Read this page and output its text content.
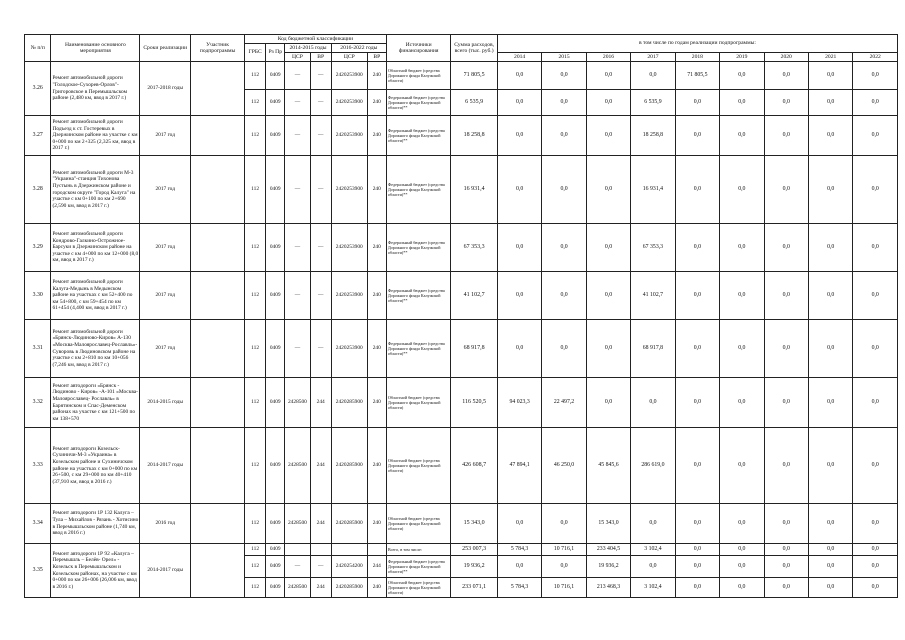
№ п/п	Наименование основного мероприятия	Сроки реализации	Участник подпрограммы	Код бюджетной классификации						Источники финансирования	Сумма расходов, всего (тыс. руб.)	в том числе по годам реализации подпрограммы:								
				ГРБС	Рз Пр	2014-2015 годы		2016-2022 годы												
						ЦСР	ВР	ЦСР	ВР			2014	2015	2016	2017	2018	2019	2020	2021	2022
3.26	Ремонт автомобильной дороги "Голодское-Сухорев-Орлов"-Григоровское в Перемышльском районе (2,480 км, ввод в 2017 г.)	2017-2018 годы		112	0409	—	—	2420253900	240	Областной бюджет (средства Дорожного фонда Калужской области)	71 805,5	0,0	0,0	0,0	0,0	71 805,5	0,0	0,0	0,0	0,0
				112	0409	—	—	2420253900	240	Федеральный бюджет (средства Дорожного фонда Калужской области)**	6 535,9	0,0	0,0	0,0	6 535,9	0,0	0,0	0,0	0,0	0,0
3.27	Ремонт автомобильной дороги Подъезд к ст. Гостеревых в Дзержинском районе на участке с км 0+000 по км 2+325 (2,325 км, ввод в 2017 г.)	2017 год		112	0409	—	—	2420253900	240	Федеральный бюджет (средства Дорожного фонда Калужской области)**	18 258,8	0,0	0,0	0,0	18 258,8	0,0	0,0	0,0	0,0	0,0
3.28	Ремонт автомобильной дороги М-3 "Украина"-станция Тихонова Пустынь в Дзержинском районе и городском округе "Город Калуга" на участке с км 0+100 по км 2+690 (2,590 км, ввод в 2017 г.)	2017 год		112	0409	—	—	2420253900	240	Федеральный бюджет (средства Дорожного фонда Калужской области)**	16 931,4	0,0	0,0	0,0	16 931,4	0,0	0,0	0,0	0,0	0,0
3.29	Ремонт автомобильной дороги Кондрово-Галкино-Острожное-Барсуки в Дзержинском районе на участке с км 4+000 по км 12+000 (8,0 км, ввод в 2017 г.)	2017 год		112	0409	—	—	2420253900	240	Федеральный бюджет (средства Дорожного фонда Калужской области)**	67 353,3	0,0	0,0	0,0	67 353,3	0,0	0,0	0,0	0,0	0,0
3.30	Ремонт автомобильной дороги Калуга-Медынь в Медынском районе на участках с км 52+400 по км 54+800, с км 59+454 по км 61+454 (4,400 км, ввод в 2017 г.)	2017 год		112	0409	—	—	2420253900	240	Федеральный бюджет (средства Дорожного фонда Калужской области)**	41 102,7	0,0	0,0	0,0	41 102,7	0,0	0,0	0,0	0,0	0,0
3.31	Ремонт автомобильной дороги «Брянск-Людиново-Киров» А-130 «Москва-Малоярославец-Рославль»-Суворовь в Людиновском районе на участке с км 2+810 по км 10+056 (7,246 км, ввод в 2017 г.)	2017 год		112	0409	—	—	2420253900	240	Федеральный бюджет (средства Дорожного фонда Калужской области)**	68 917,8	0,0	0,0	0,0	68 917,8	0,0	0,0	0,0	0,0	0,0
3.32	Ремонт автодороги «Брянск - Людиново - Киров» -А-101 «Москва-Малоярославец- Рославль» в Барятинском и Спас-Деменском районах на участке с км 121+500 по км 138+570	2014-2015 годы		112	0409	2428500	244	2420285900	240	Областной бюджет (средства Дорожного фонда Калужской области)	116 520,5	94 023,3	22 497,2	0,0	0,0	0,0	0,0	0,0	0,0	0,0
3.33	Ремонт автодороги Козельск-Сухиничи-М-3 «Украина» в Козельском районе и Сухиничском районе на участках с км 0+000 по км 26+500, с км 29+000 по км 40+410 (37,910 км, ввод в 2016 г.)	2014-2017 годы		112	0409	2428500	244	2420285900	240	Областной бюджет (средства Дорожного фонда Калужской области)	426 608,7	47 894,1	46 250,0	45 845,6	286 619,0	0,0	0,0	0,0	0,0	0,0
3.34	Ремонт автодороги 1Р 132 Калуга – Тула – Михайлов - Рязань - Хотисино в Перемышльском районе (1,740 км, ввод в 2016 г.)	2016 год		112	0409	2428500	244	2420285900	240	Областной бюджет (средства Дорожного фонда Калужской области)	15 343,0	0,0	0,0	15 343,0	0,0	0,0	0,0	0,0	0,0	0,0
3.35	Ремонт автодороги 1Р 92 «Калуга – Перемышль – Белёв- Орел» - Козельск в Перемышльском и Козельском районах, на участке с км 0+000 по км 26+006 (26,006 км, ввод в 2016 г.)	2014-2017 годы		112	0409					Всего, в том числе:	253 007,3	5 784,3	10 716,1	233 404,5	3 102,4	0,0	0,0	0,0	0,0	0,0
				112	0409	—	—	2420254200	244	Федеральный бюджет (средства Дорожного фонда Калужской области)**	19 936,2	0,0	0,0	19 936,2	0,0	0,0	0,0	0,0	0,0	0,0
				112	0409	2428500	244	2420285900	240	Областной бюджет (средства Дорожного фонда Калужской области)	233 071,1	5 784,3	10 716,1	213 468,3	3 102,4	0,0	0,0	0,0	0,0	0,0
